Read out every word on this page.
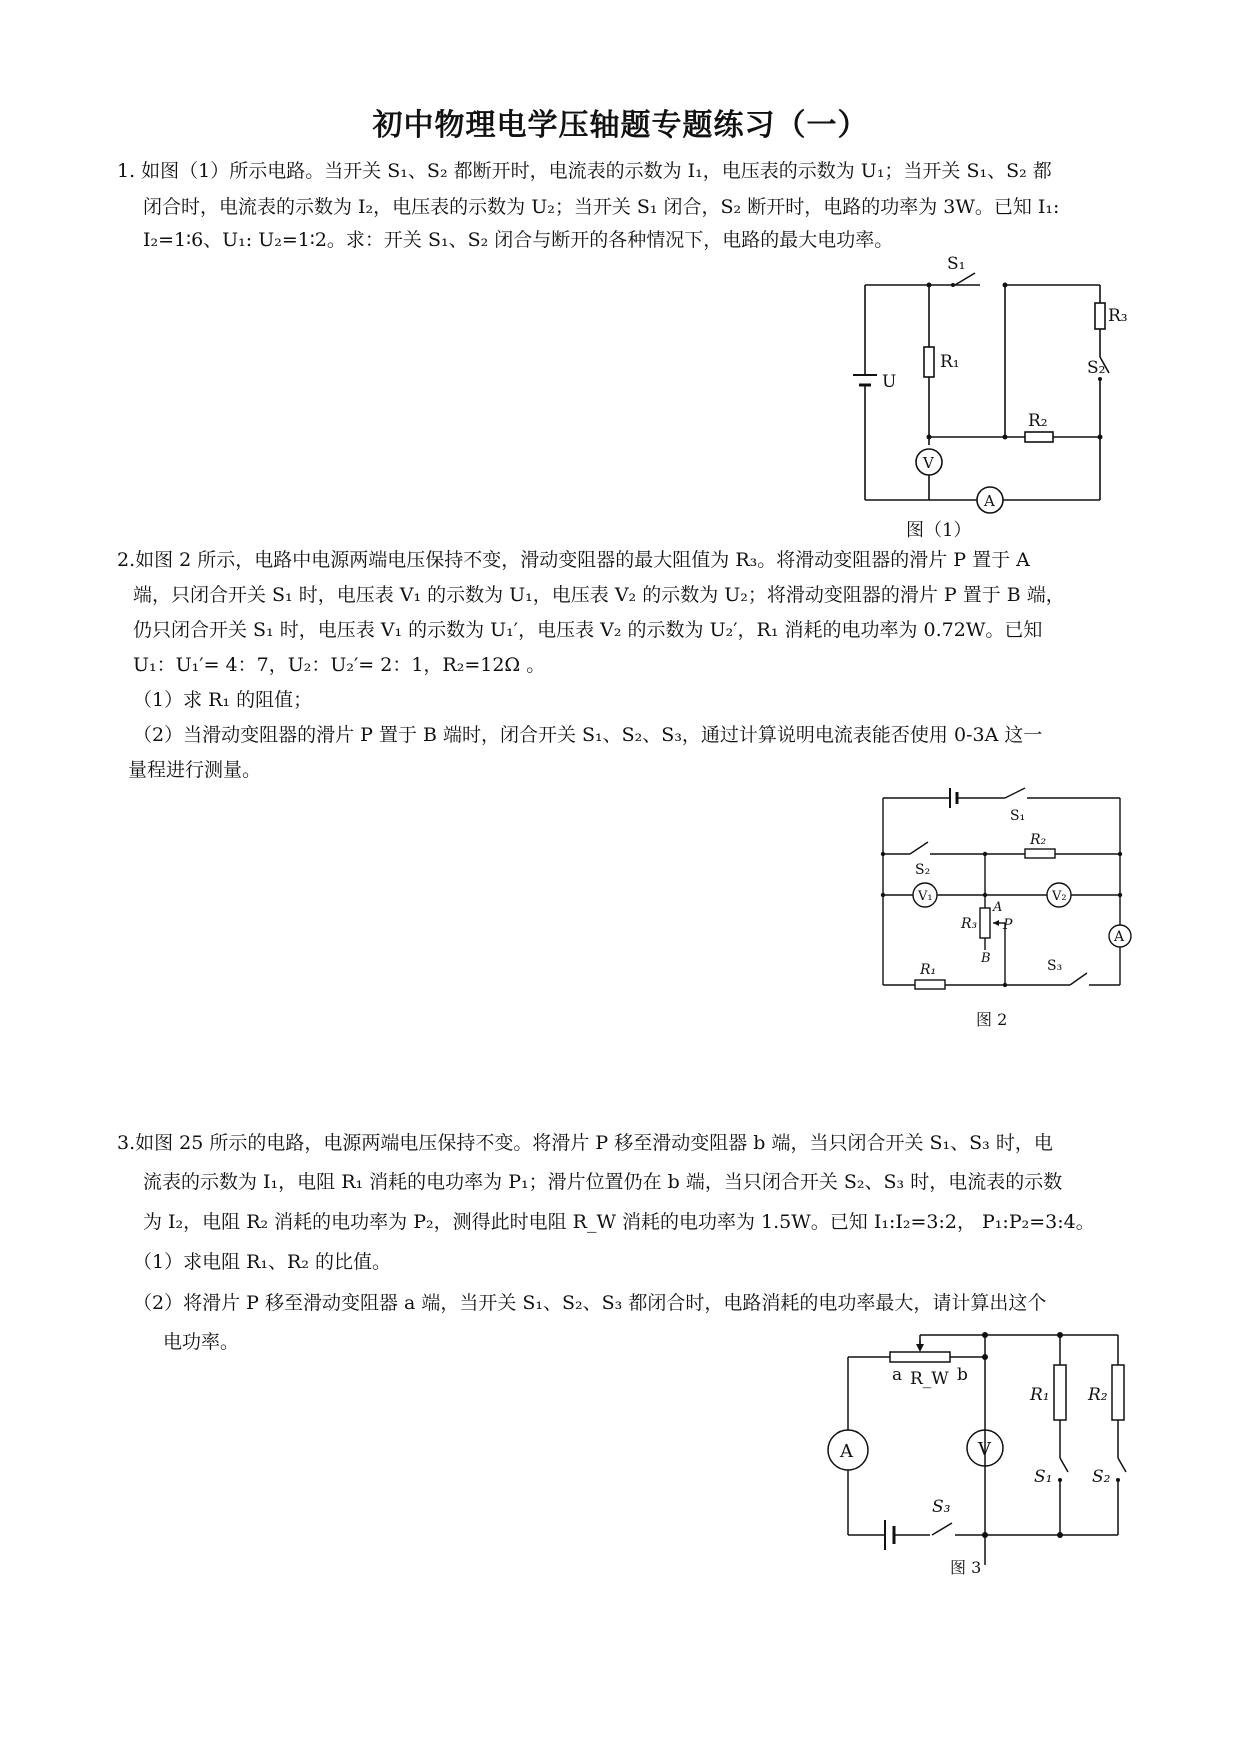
初中物理电学压轴题专题练习（一）
1. 如图（1）所示电路。当开关 S₁、S₂ 都断开时，电流表的示数为 I₁，电压表的示数为 U₁；当开关 S₁、S₂ 都
闭合时，电流表的示数为 I₂，电压表的示数为 U₂；当开关 S₁ 闭合，S₂ 断开时，电路的功率为 3W。已知 I₁:
I₂=1∶6、U₁: U₂=1∶2。求：开关 S₁、S₂ 闭合与断开的各种情况下，电路的最大电功率。
S₁
R₃
S₂
U
R₁
R₂
V
A
图（1）
2.如图 2 所示，电路中电源两端电压保持不变，滑动变阻器的最大阻值为 R₃。将滑动变阻器的滑片 P 置于 A
端，只闭合开关 S₁ 时，电压表 V₁ 的示数为 U₁，电压表 V₂ 的示数为 U₂；将滑动变阻器的滑片 P 置于 B 端，
仍只闭合开关 S₁ 时，电压表 V₁ 的示数为 U₁′，电压表 V₂ 的示数为 U₂′，R₁ 消耗的电功率为 0.72W。已知
U₁：U₁′= 4：7，U₂：U₂′= 2：1，R₂=12Ω 。
（1）求 R₁ 的阻值；
（2）当滑动变阻器的滑片 P 置于 B 端时，闭合开关 S₁、S₂、S₃，通过计算说明电流表能否使用 0-3A 这一
量程进行测量。
S₁
R₂
S₂
V₁	V₂
A
R₃ P
B
A
R₁	S₃
图 2
3.如图 25 所示的电路，电源两端电压保持不变。将滑片 P 移至滑动变阻器 b 端，当只闭合开关 S₁、S₃ 时，电
流表的示数为 I₁，电阻 R₁ 消耗的电功率为 P₁；滑片位置仍在 b 端，当只闭合开关 S₂、S₃ 时，电流表的示数
为 I₂，电阻 R₂ 消耗的电功率为 P₂，测得此时电阻 R_W 消耗的电功率为 1.5W。已知 I₁:I₂=3:2， P₁:P₂=3:4。
（1）求电阻 R₁、R₂ 的比值。
（2）将滑片 P 移至滑动变阻器 a 端，当开关 S₁、S₂、S₃ 都闭合时，电路消耗的电功率最大，请计算出这个
电功率。
a R_W b
R₁ R₂
A	V
S₁ S₂
S₃
图 3
